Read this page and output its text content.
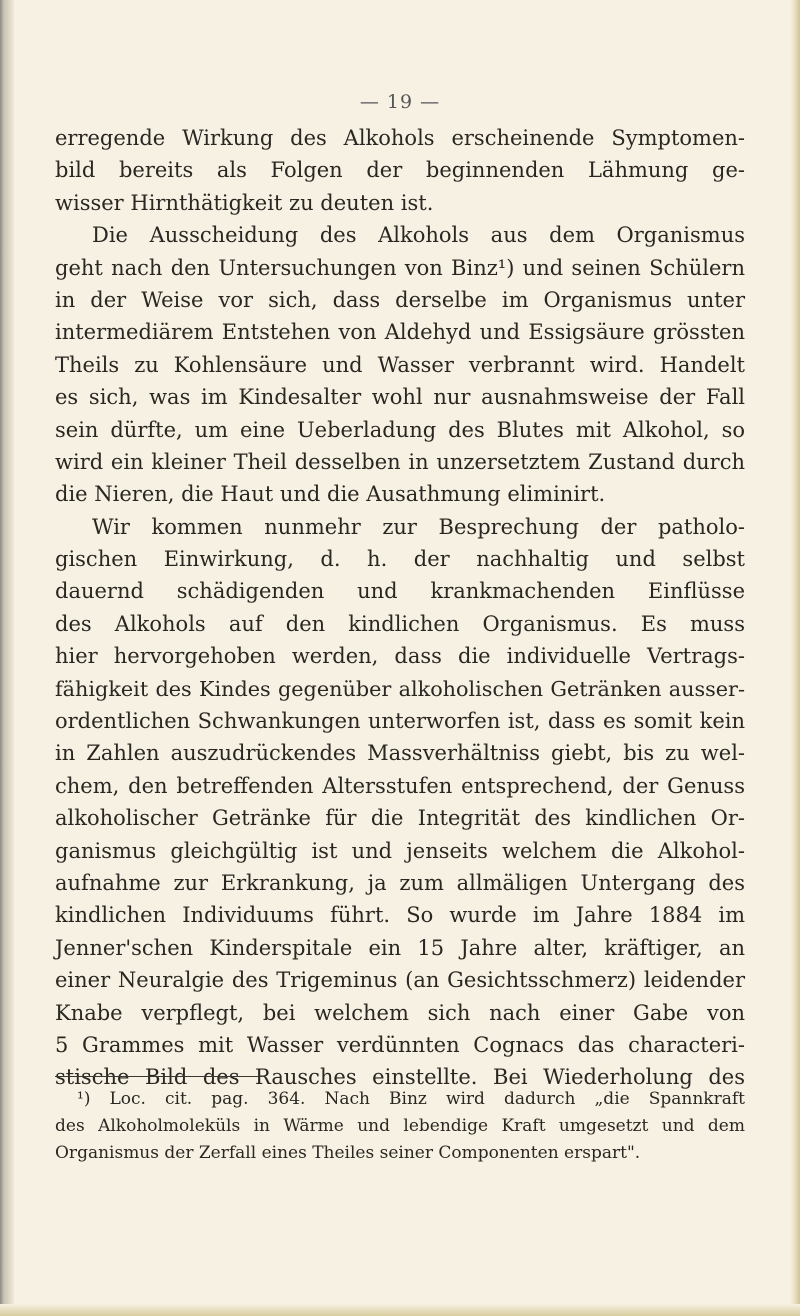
— 19 —
erregende Wirkung des Alkohols erscheinende Symptomen-
bild bereits als Folgen der beginnenden Lähmung ge-
wisser Hirnthätigkeit zu deuten ist.
Die Ausscheidung des Alkohols aus dem Organismus
geht nach den Untersuchungen von Binz¹) und seinen Schülern
in der Weise vor sich, dass derselbe im Organismus unter
intermediärem Entstehen von Aldehyd und Essigsäure grössten
Theils zu Kohlensäure und Wasser verbrannt wird. Handelt
es sich, was im Kindesalter wohl nur ausnahmsweise der Fall
sein dürfte, um eine Ueberladung des Blutes mit Alkohol, so
wird ein kleiner Theil desselben in unzersetztem Zustand durch
die Nieren, die Haut und die Ausathmung eliminirt.
Wir kommen nunmehr zur Besprechung der patholo-
gischen Einwirkung, d. h. der nachhaltig und selbst
dauernd schädigenden und krankmachenden Einflüsse
des Alkohols auf den kindlichen Organismus. Es muss
hier hervorgehoben werden, dass die individuelle Vertrags-
fähigkeit des Kindes gegenüber alkoholischen Getränken ausser-
ordentlichen Schwankungen unterworfen ist, dass es somit kein
in Zahlen auszudrückendes Massverhältniss giebt, bis zu wel-
chem, den betreffenden Altersstufen entsprechend, der Genuss
alkoholischer Getränke für die Integrität des kindlichen Or-
ganismus gleichgültig ist und jenseits welchem die Alkohol-
aufnahme zur Erkrankung, ja zum allmäligen Untergang des
kindlichen Individuums führt. So wurde im Jahre 1884 im
Jenner'schen Kinderspitale ein 15 Jahre alter, kräftiger, an
einer Neuralgie des Trigeminus (an Gesichtsschmerz) leidender
Knabe verpflegt, bei welchem sich nach einer Gabe von
5 Grammes mit Wasser verdünnten Cognacs das characteri-
stische Bild des Rausches einstellte. Bei Wiederholung des
¹) Loc. cit. pag. 364. Nach Binz wird dadurch „die Spannkraft
des Alkoholmoleküls in Wärme und lebendige Kraft umgesetzt und dem
Organismus der Zerfall eines Theiles seiner Componenten erspart".
